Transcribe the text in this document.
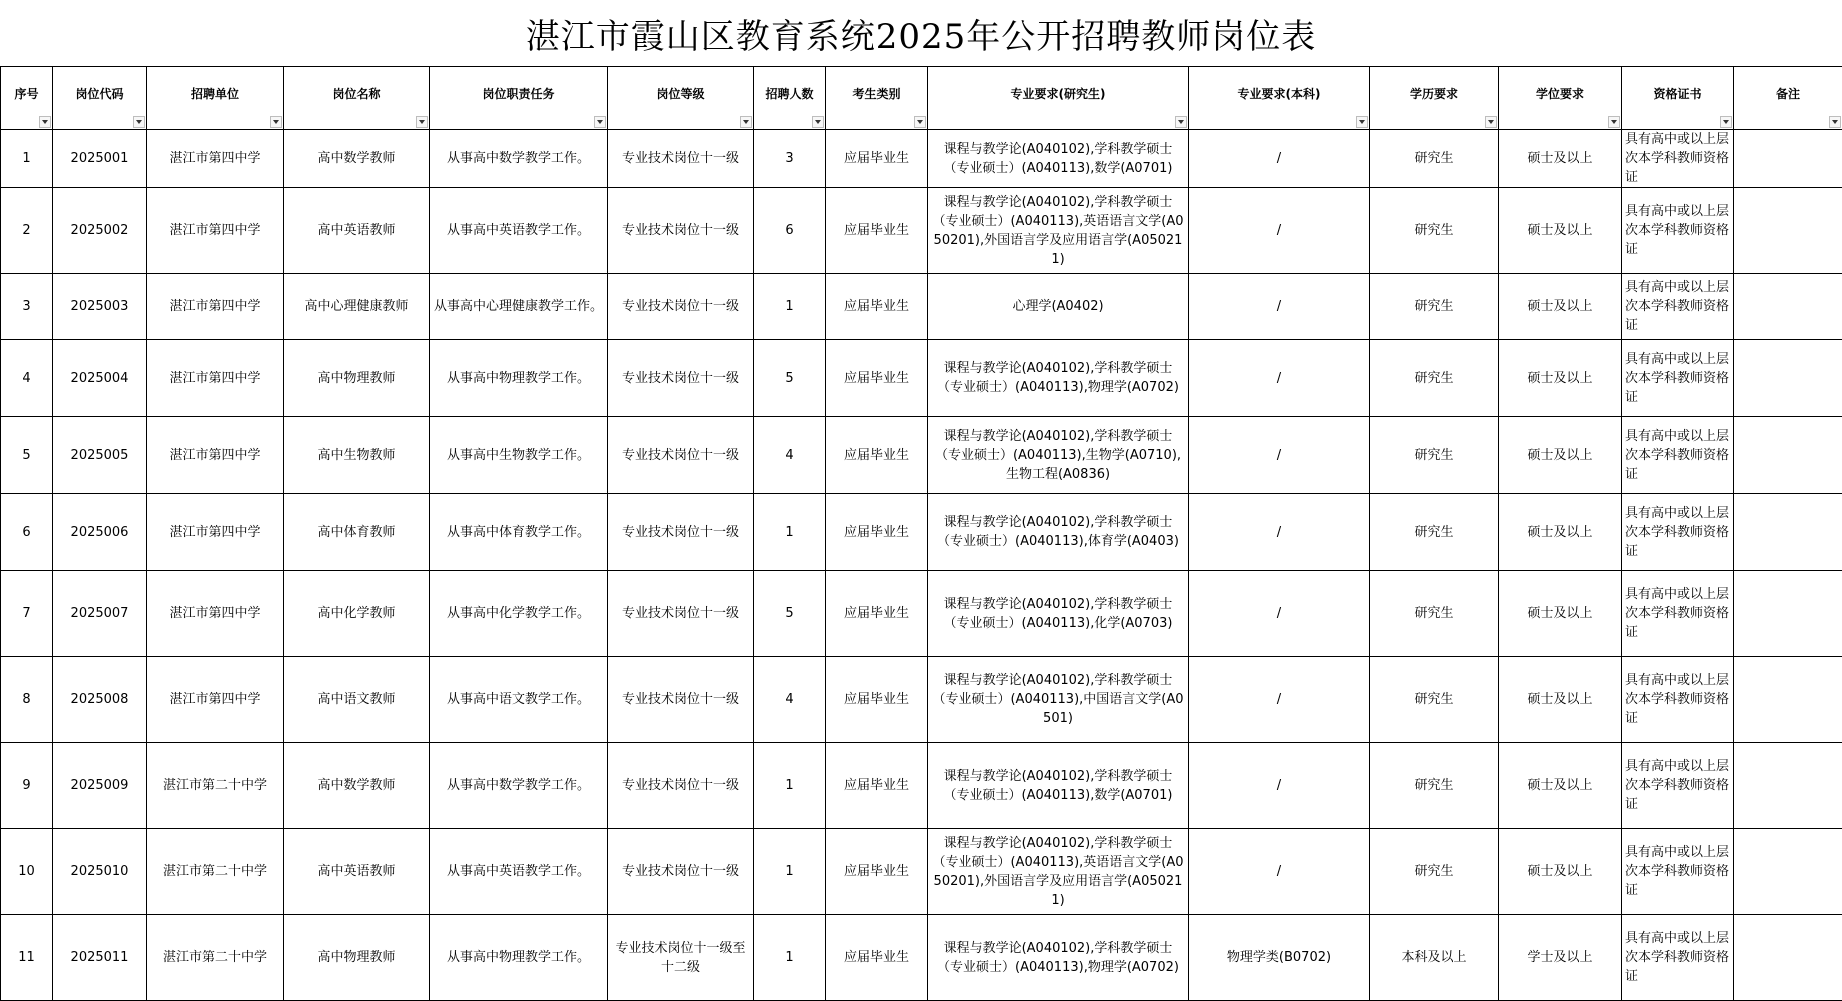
湛江市霞山区教育系统2025年公开招聘教师岗位表
序号	岗位代码	招聘单位	岗位名称	岗位职责任务	岗位等级	招聘人数	考生类别	专业要求(研究生)	专业要求(本科)	学历要求	学位要求	资格证书	备注

1	2025001	湛江市第四中学	高中数学教师	从事高中数学教学工作。	专业技术岗位十一级	3	应届毕业生	课程与教学论(A040102),学科教学硕士（专业硕士）(A040113),数学(A0701)	/	研究生	硕士及以上	具有高中或以上层次本学科教师资格证	
2	2025002	湛江市第四中学	高中英语教师	从事高中英语教学工作。	专业技术岗位十一级	6	应届毕业生	课程与教学论(A040102),学科教学硕士（专业硕士）(A040113),英语语言文学(A050201),外国语言学及应用语言学(A050211)	/	研究生	硕士及以上	具有高中或以上层次本学科教师资格证	
3	2025003	湛江市第四中学	高中心理健康教师	从事高中心理健康教学工作。	专业技术岗位十一级	1	应届毕业生	心理学(A0402)	/	研究生	硕士及以上	具有高中或以上层次本学科教师资格证	
4	2025004	湛江市第四中学	高中物理教师	从事高中物理教学工作。	专业技术岗位十一级	5	应届毕业生	课程与教学论(A040102),学科教学硕士（专业硕士）(A040113),物理学(A0702)	/	研究生	硕士及以上	具有高中或以上层次本学科教师资格证	
5	2025005	湛江市第四中学	高中生物教师	从事高中生物教学工作。	专业技术岗位十一级	4	应届毕业生	课程与教学论(A040102),学科教学硕士（专业硕士）(A040113),生物学(A0710),生物工程(A0836)	/	研究生	硕士及以上	具有高中或以上层次本学科教师资格证	
6	2025006	湛江市第四中学	高中体育教师	从事高中体育教学工作。	专业技术岗位十一级	1	应届毕业生	课程与教学论(A040102),学科教学硕士（专业硕士）(A040113),体育学(A0403)	/	研究生	硕士及以上	具有高中或以上层次本学科教师资格证	
7	2025007	湛江市第四中学	高中化学教师	从事高中化学教学工作。	专业技术岗位十一级	5	应届毕业生	课程与教学论(A040102),学科教学硕士（专业硕士）(A040113),化学(A0703)	/	研究生	硕士及以上	具有高中或以上层次本学科教师资格证	
8	2025008	湛江市第四中学	高中语文教师	从事高中语文教学工作。	专业技术岗位十一级	4	应届毕业生	课程与教学论(A040102),学科教学硕士（专业硕士）(A040113),中国语言文学(A0501)	/	研究生	硕士及以上	具有高中或以上层次本学科教师资格证	
9	2025009	湛江市第二十中学	高中数学教师	从事高中数学教学工作。	专业技术岗位十一级	1	应届毕业生	课程与教学论(A040102),学科教学硕士（专业硕士）(A040113),数学(A0701)	/	研究生	硕士及以上	具有高中或以上层次本学科教师资格证	
10	2025010	湛江市第二十中学	高中英语教师	从事高中英语教学工作。	专业技术岗位十一级	1	应届毕业生	课程与教学论(A040102),学科教学硕士（专业硕士）(A040113),英语语言文学(A050201),外国语言学及应用语言学(A050211)	/	研究生	硕士及以上	具有高中或以上层次本学科教师资格证	
11	2025011	湛江市第二十中学	高中物理教师	从事高中物理教学工作。	专业技术岗位十一级至十二级	1	应届毕业生	课程与教学论(A040102),学科教学硕士（专业硕士）(A040113),物理学(A0702)	物理学类(B0702)	本科及以上	学士及以上	具有高中或以上层次本学科教师资格证	
